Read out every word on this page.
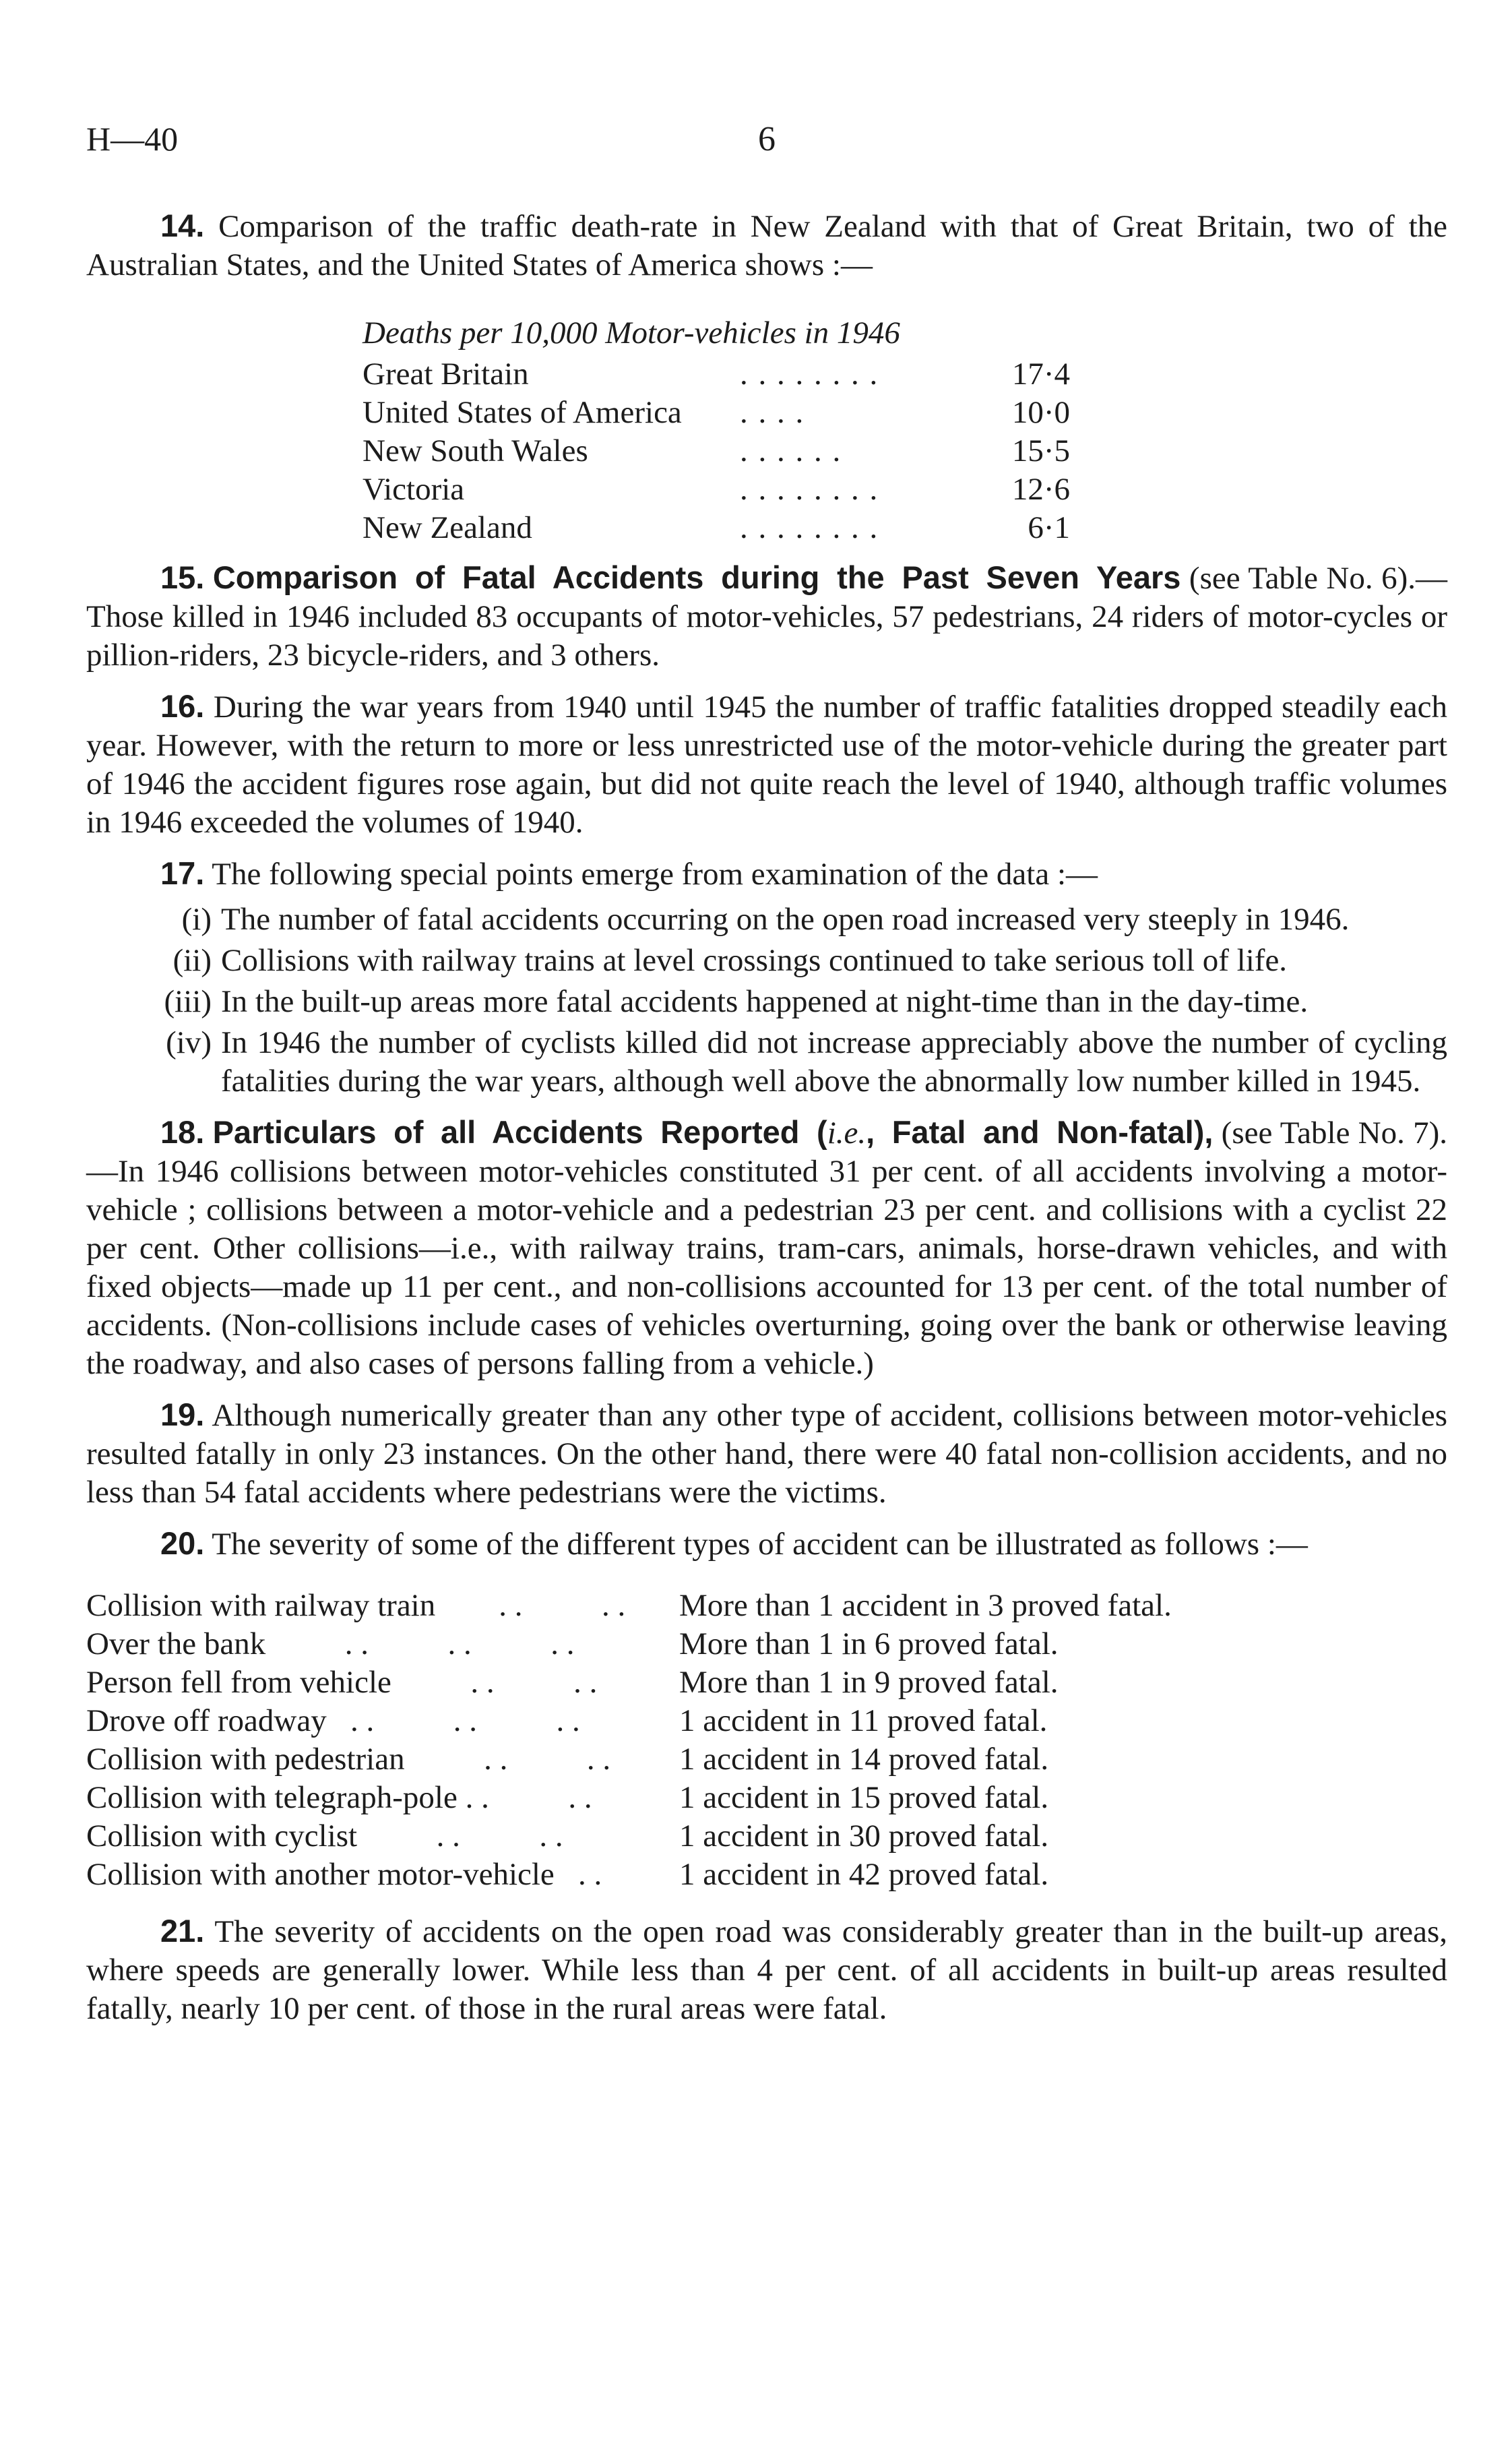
H—40	6

14. Comparison of the traffic death-rate in New Zealand with that of Great Britain, two of the Australian States, and the United States of America shows :—

Deaths per 10,000 Motor-vehicles in 1946
Great Britain	. . . . . . . .	17·4
United States of America	. . . .	10·0
New South Wales	. . . . . .	15·5
Victoria	. . . . . . . .	12·6
New Zealand	. . . . . . . .	6·1

15. Comparison of Fatal Accidents during the Past Seven Years (see Table No. 6).—Those killed in 1946 included 83 occupants of motor-vehicles, 57 pedestrians, 24 riders of motor-cycles or pillion-riders, 23 bicycle-riders, and 3 others.

16. During the war years from 1940 until 1945 the number of traffic fatalities dropped steadily each year. However, with the return to more or less unrestricted use of the motor-vehicle during the greater part of 1946 the accident figures rose again, but did not quite reach the level of 1940, although traffic volumes in 1946 exceeded the volumes of 1940.

17. The following special points emerge from examination of the data :—

(i) The number of fatal accidents occurring on the open road increased very steeply in 1946.
(ii) Collisions with railway trains at level crossings continued to take serious toll of life.
(iii) In the built-up areas more fatal accidents happened at night-time than in the day-time.
(iv) In 1946 the number of cyclists killed did not increase appreciably above the number of cycling fatalities during the war years, although well above the abnormally low number killed in 1945.

18. Particulars of all Accidents Reported (i.e., Fatal and Non-fatal), (see Table No. 7).—In 1946 collisions between motor-vehicles constituted 31 per cent. of all accidents involving a motor-vehicle ; collisions between a motor-vehicle and a pedestrian 23 per cent. and collisions with a cyclist 22 per cent. Other collisions—i.e., with railway trains, tram-cars, animals, horse-drawn vehicles, and with fixed objects—made up 11 per cent., and non-collisions accounted for 13 per cent. of the total number of accidents. (Non-collisions include cases of vehicles overturning, going over the bank or otherwise leaving the roadway, and also cases of persons falling from a vehicle.)

19. Although numerically greater than any other type of accident, collisions between motor-vehicles resulted fatally in only 23 instances. On the other hand, there were 40 fatal non-collision accidents, and no less than 54 fatal accidents where pedestrians were the victims.

20. The severity of some of the different types of accident can be illustrated as follows :—

Collision with railway train        . .          . .	More than 1 accident in 3 proved fatal.
Over the bank          . .          . .          . .	More than 1 in 6 proved fatal.
Person fell from vehicle          . .          . .	More than 1 in 9 proved fatal.
Drove off roadway   . .          . .          . .	1 accident in 11 proved fatal.
Collision with pedestrian          . .          . .	1 accident in 14 proved fatal.
Collision with telegraph-pole . .          . .	1 accident in 15 proved fatal.
Collision with cyclist          . .          . .	1 accident in 30 proved fatal.
Collision with another motor-vehicle   . .	1 accident in 42 proved fatal.

21. The severity of accidents on the open road was considerably greater than in the built-up areas, where speeds are generally lower. While less than 4 per cent. of all accidents in built-up areas resulted fatally, nearly 10 per cent. of those in the rural areas were fatal.
